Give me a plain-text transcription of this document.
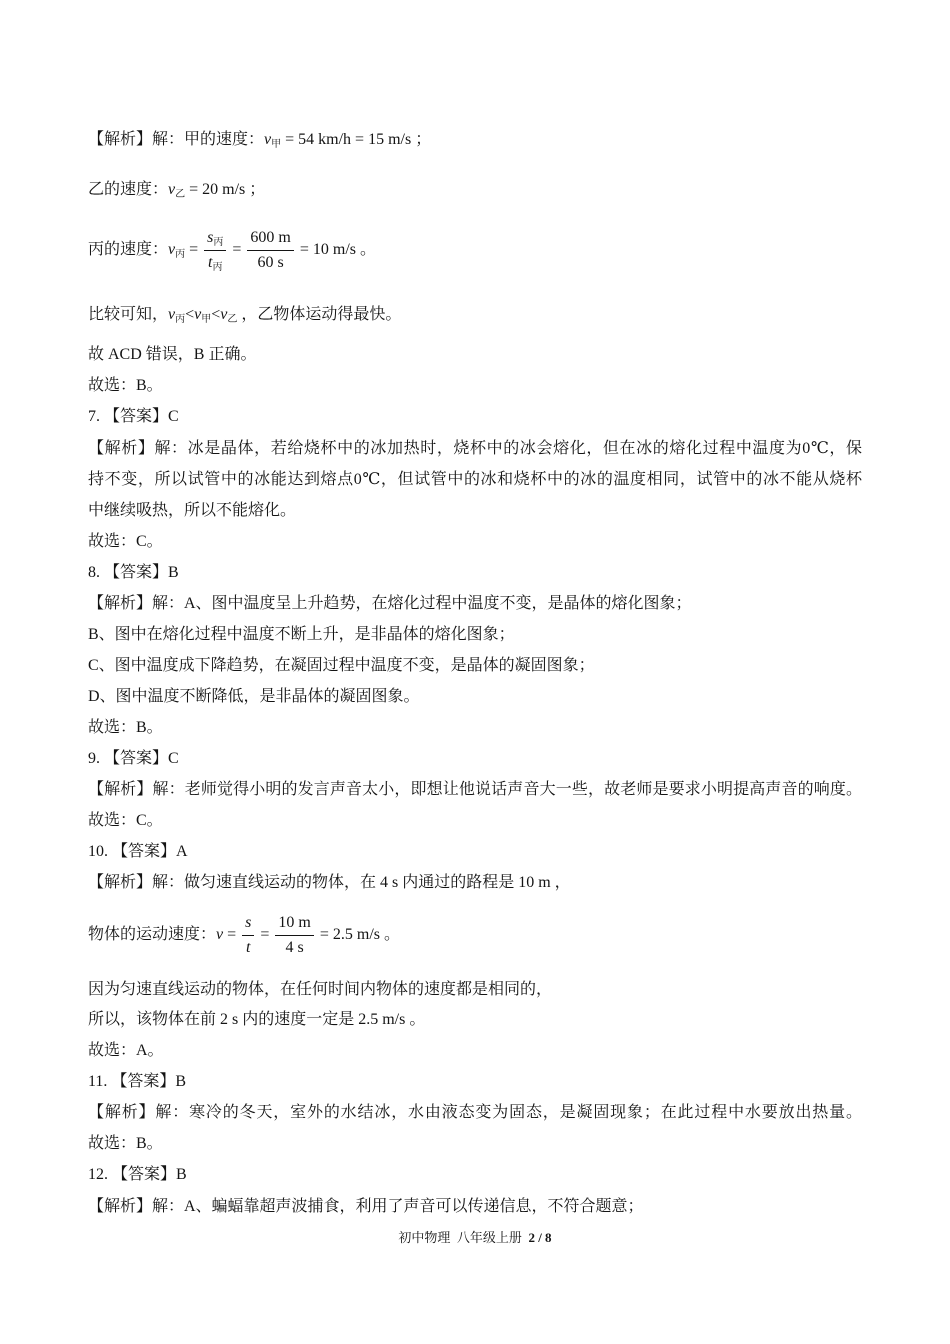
【解析】解：甲的速度： $v_甲 = 54$ km/h = 15 m/s ；
乙的速度： $v_乙 = 20$ m/s ；
丙的速度： $v_丙 = \frac{s_丙}{t_丙} = \frac{600 m}{60 s} = 10$ m/s 。
比较可知， $v_丙 < v_甲 < v_乙$ ，乙物体运动得最快。
故 ACD 错误，B 正确。
故选：B。
7. 【答案】C
【解析】解：冰是晶体，若给烧杯中的冰加热时，烧杯中的冰会熔化，但在冰的熔化过程中温度为0℃，保
持不变，所以试管中的冰能达到熔点0℃，但试管中的冰和烧杯中的冰的温度相同，试管中的冰不能从烧杯
中继续吸热，所以不能熔化。
故选：C。
8. 【答案】B
【解析】解：A、图中温度呈上升趋势，在熔化过程中温度不变，是晶体的熔化图象；
B、图中在熔化过程中温度不断上升，是非晶体的熔化图象；
C、图中温度成下降趋势，在凝固过程中温度不变，是晶体的凝固图象；
D、图中温度不断降低，是非晶体的凝固图象。
故选：B。
9. 【答案】C
【解析】解：老师觉得小明的发言声音太小，即想让他说话声音大一些，故老师是要求小明提高声音的响度。
故选：C。
10. 【答案】A
【解析】解：做匀速直线运动的物体，在 4 s 内通过的路程是 10 m ，
物体的运动速度： $v = \frac{s}{t} = \frac{10 m}{4 s} = 2.5$ m/s 。
因为匀速直线运动的物体，在任何时间内物体的速度都是相同的，
所以，该物体在前 2 s 内的速度一定是 2.5 m/s 。
故选：A。
11. 【答案】B
【解析】解：寒冷的冬天，室外的水结冰，水由液态变为固态，是凝固现象；在此过程中水要放出热量。
故选：B。
12. 【答案】B
【解析】解：A、蝙蝠靠超声波捕食，利用了声音可以传递信息，不符合题意；
初中物理  八年级上册  2 / 8
